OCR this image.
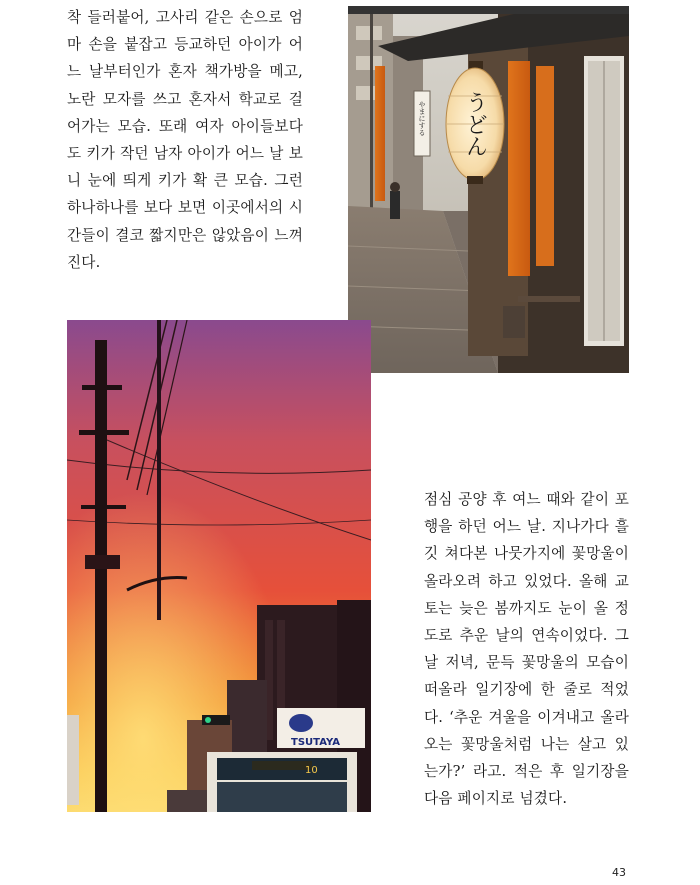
착 들러붙어, 고사리 같은 손으로 엄
마 손을 붙잡고 등교하던 아이가 어
느 날부터인가 혼자 책가방을 메고,
노란 모자를 쓰고 혼자서 학교로 걸
어가는 모습. 또래 여자 아이들보다
도 키가 작던 남자 아이가 어느 날 보
니 눈에 띄게 키가 확 큰 모습. 그런
하나하나를 보다 보면 이곳에서의 시
간들이 결코 짧지만은 않았음이 느껴
진다.
점심 공양 후 여느 때와 같이 포
행을 하던 어느 날. 지나가다 흘
깃 쳐다본 나뭇가지에 꽃망울이
올라오려 하고 있었다. 올해 교
토는 늦은 봄까지도 눈이 올 정
도로 추운 날의 연속이었다. 그
날 저녁, 문득 꽃망울의 모습이
떠올라 일기장에 한 줄로 적었
다. ‘추운 겨울을 이겨내고 올라
오는 꽃망울처럼 나는 살고 있
는가?’ 라고. 적은 후 일기장을
다음 페이지로 넘겼다.
やまにする うどん
TSUTAYA
10
43
